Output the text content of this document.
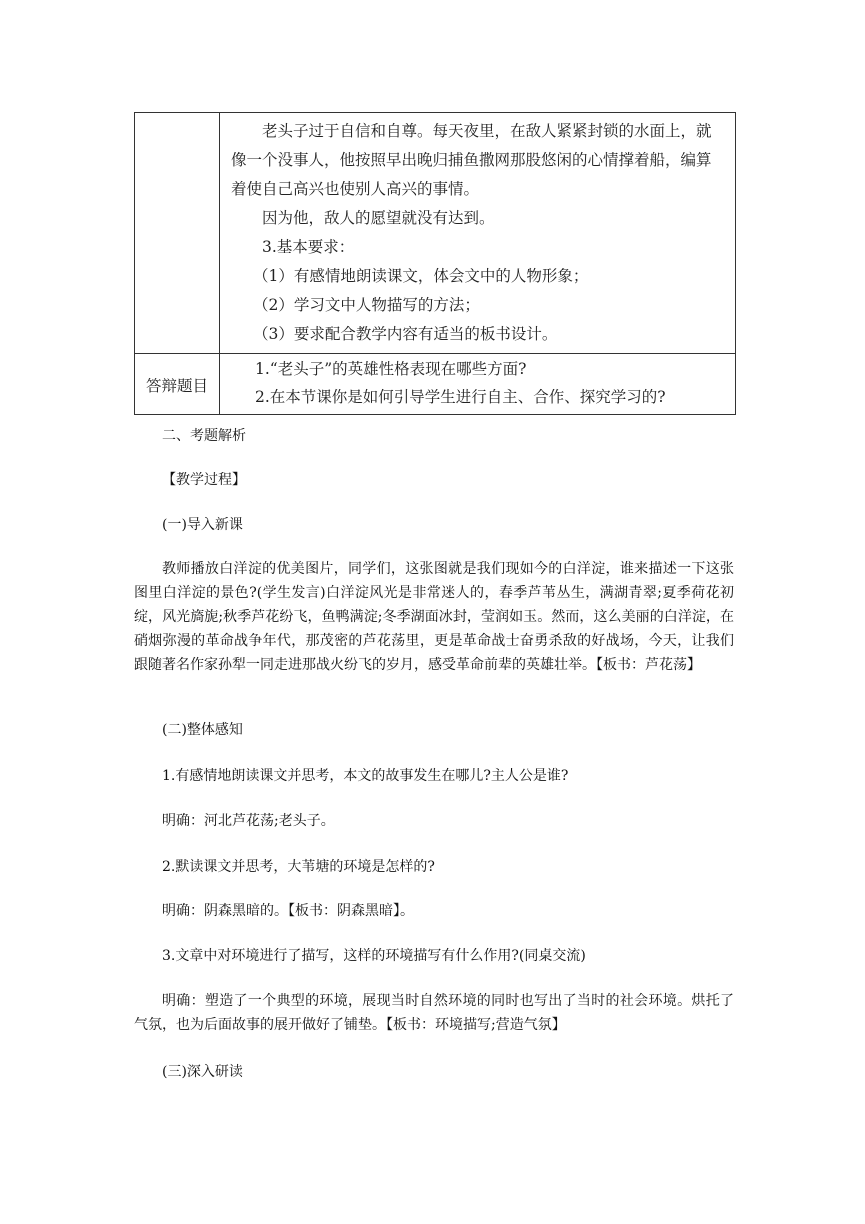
老头子过于自信和自尊。每天夜里，在敌人紧紧封锁的水面上，就

像一个没事人，他按照早出晚归捕鱼撒网那股悠闲的心情撑着船，编算

着使自己高兴也使别人高兴的事情。

因为他，敌人的愿望就没有达到。

3.基本要求：

（1）有感情地朗读课文，体会文中的人物形象；

（2）学习文中人物描写的方法；

（3）要求配合教学内容有适当的板书设计。

答辩题目

1.“老头子”的英雄性格表现在哪些方面?

2.在本节课你是如何引导学生进行自主、合作、探究学习的?

二、考题解析

【教学过程】

(一)导入新课

教师播放白洋淀的优美图片，同学们，这张图就是我们现如今的白洋淀，谁来描述一下这张图里白洋淀的景色?(学生发言)白洋淀风光是非常迷人的，春季芦苇丛生，满湖青翠;夏季荷花初绽，风光旖旎;秋季芦花纷飞，鱼鸭满淀;冬季湖面冰封，莹润如玉。然而，这么美丽的白洋淀，在硝烟弥漫的革命战争年代，那茂密的芦花荡里，更是革命战士奋勇杀敌的好战场，今天，让我们跟随著名作家孙犁一同走进那战火纷飞的岁月，感受革命前辈的英雄壮举。【板书：芦花荡】

(二)整体感知

1.有感情地朗读课文并思考，本文的故事发生在哪儿?主人公是谁?

明确：河北芦花荡;老头子。

2.默读课文并思考，大苇塘的环境是怎样的?

明确：阴森黑暗的。【板书：阴森黑暗】。

3.文章中对环境进行了描写，这样的环境描写有什么作用?(同桌交流)

明确：塑造了一个典型的环境，展现当时自然环境的同时也写出了当时的社会环境。烘托了气氛，也为后面故事的展开做好了铺垫。【板书：环境描写;营造气氛】

(三)深入研读
